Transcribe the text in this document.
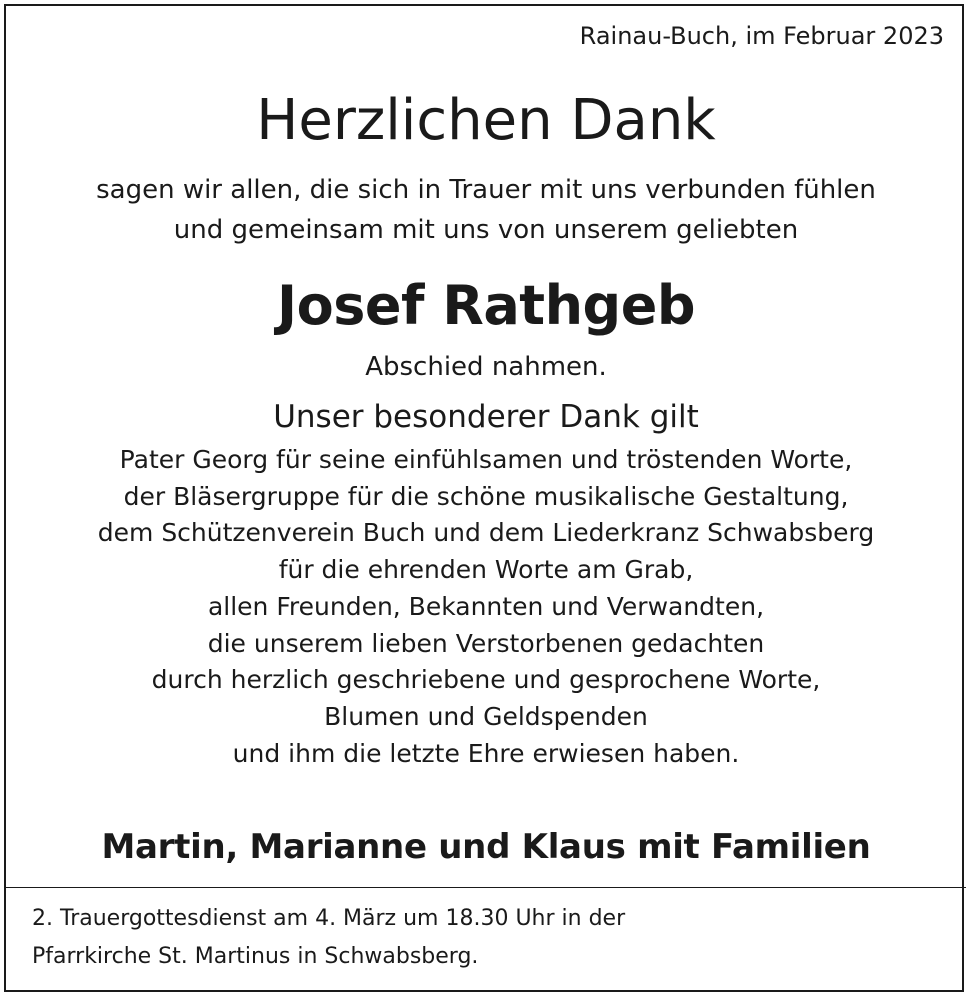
Rainau-Buch, im Februar 2023
Herzlichen Dank
sagen wir allen, die sich in Trauer mit uns verbunden fühlen
und gemeinsam mit uns von unserem geliebten
Josef Rathgeb
Abschied nahmen.
Unser besonderer Dank gilt
Pater Georg für seine einfühlsamen und tröstenden Worte,
der Bläsergruppe für die schöne musikalische Gestaltung,
dem Schützenverein Buch und dem Liederkranz Schwabsberg
für die ehrenden Worte am Grab,
allen Freunden, Bekannten und Verwandten,
die unserem lieben Verstorbenen gedachten
durch herzlich geschriebene und gesprochene Worte,
Blumen und Geldspenden
und ihm die letzte Ehre erwiesen haben.
Martin, Marianne und Klaus mit Familien
2. Trauergottesdienst am 4. März um 18.30 Uhr in der
Pfarrkirche St. Martinus in Schwabsberg.
